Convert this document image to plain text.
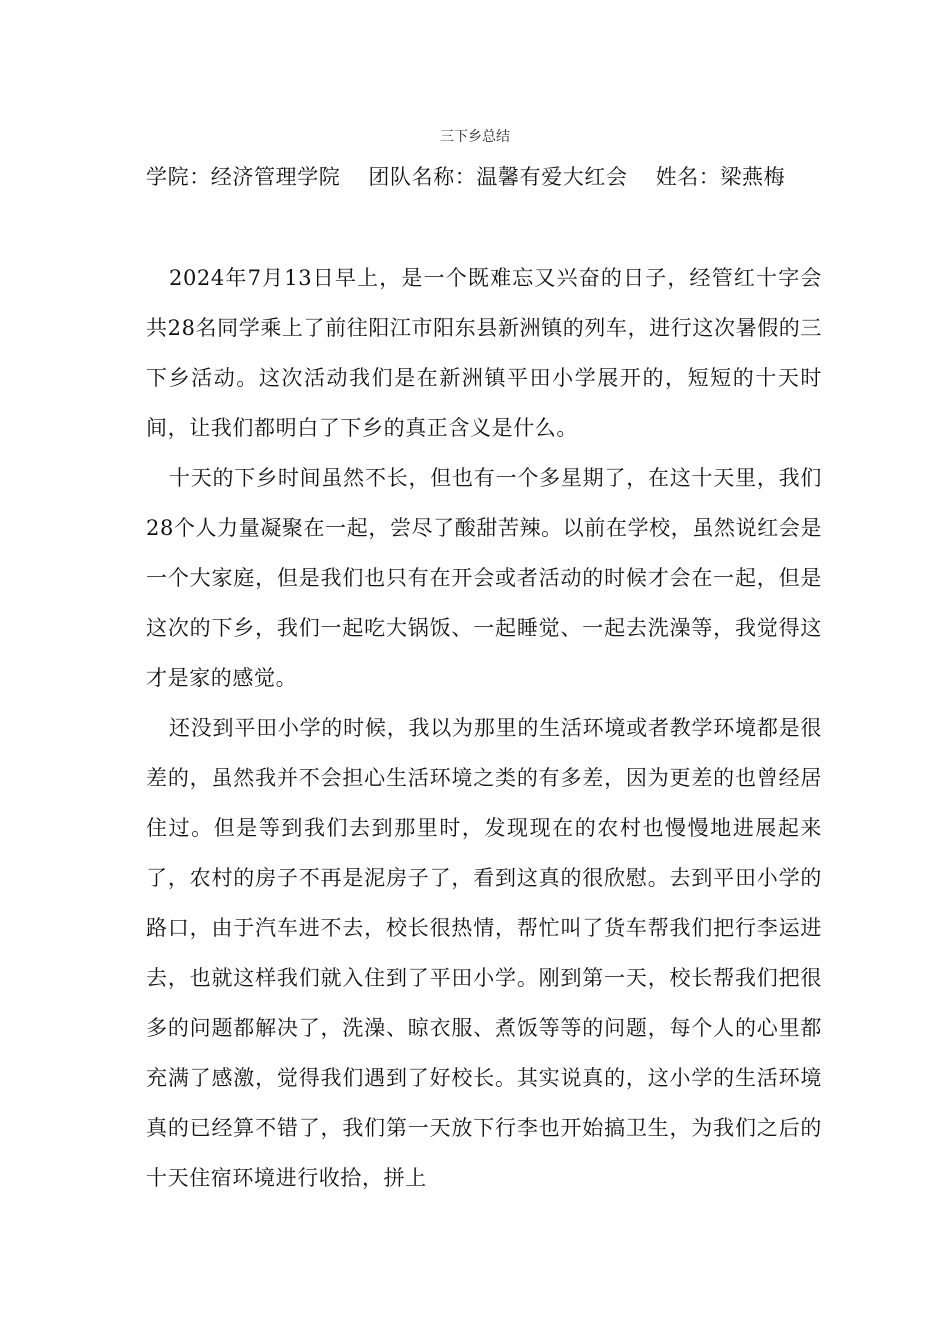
三下乡总结
学院：经济管理学院 团队名称：温馨有爱大红会 姓名：梁燕梅

2024年7月13日早上，是一个既难忘又兴奋的日子，经管红十字会共28名同学乘上了前往阳江市阳东县新洲镇的列车，进行这次暑假的三下乡活动。这次活动我们是在新洲镇平田小学展开的，短短的十天时间，让我们都明白了下乡的真正含义是什么。

十天的下乡时间虽然不长，但也有一个多星期了，在这十天里，我们28个人力量凝聚在一起，尝尽了酸甜苦辣。以前在学校，虽然说红会是一个大家庭，但是我们也只有在开会或者活动的时候才会在一起，但是这次的下乡，我们一起吃大锅饭、一起睡觉、一起去洗澡等，我觉得这才是家的感觉。

还没到平田小学的时候，我以为那里的生活环境或者教学环境都是很差的，虽然我并不会担心生活环境之类的有多差，因为更差的也曾经居住过。但是等到我们去到那里时，发现现在的农村也慢慢地进展起来了，农村的房子不再是泥房子了，看到这真的很欣慰。去到平田小学的路口，由于汽车进不去，校长很热情，帮忙叫了货车帮我们把行李运进去，也就这样我们就入住到了平田小学。刚到第一天，校长帮我们把很多的问题都解决了，洗澡、晾衣服、煮饭等等的问题，每个人的心里都充满了感激，觉得我们遇到了好校长。其实说真的，这小学的生活环境真的已经算不错了，我们第一天放下行李也开始搞卫生，为我们之后的十天住宿环境进行收拾，拼上
